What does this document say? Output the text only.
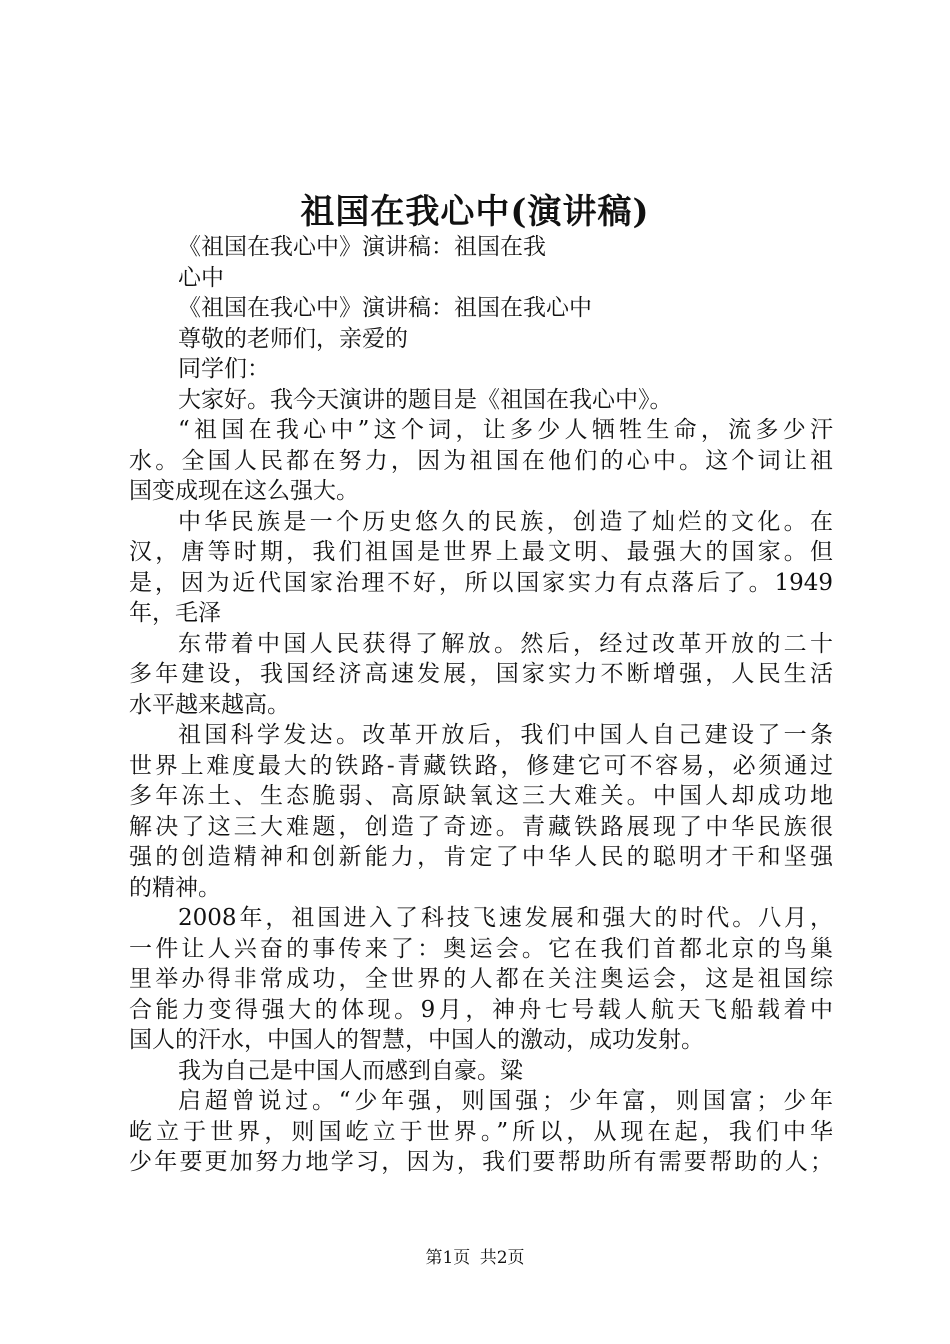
祖国在我心中(演讲稿)
《祖国在我心中》演讲稿：祖国在我
心中
《祖国在我心中》演讲稿：祖国在我心中
尊敬的老师们，亲爱的
同学们：
大家好。我今天演讲的题目是《祖国在我心中》。
“祖国在我心中”这个词，让多少人牺牲生命，流多少汗
水。全国人民都在努力，因为祖国在他们的心中。这个词让祖
国变成现在这么强大。
中华民族是一个历史悠久的民族，创造了灿烂的文化。在
汉，唐等时期，我们祖国是世界上最文明、最强大的国家。但
是，因为近代国家治理不好，所以国家实力有点落后了。1949
年，毛泽
东带着中国人民获得了解放。然后，经过改革开放的二十
多年建设，我国经济高速发展，国家实力不断增强，人民生活
水平越来越高。
祖国科学发达。改革开放后，我们中国人自己建设了一条
世界上难度最大的铁路-青藏铁路，修建它可不容易，必须通过
多年冻土、生态脆弱、高原缺氧这三大难关。中国人却成功地
解决了这三大难题，创造了奇迹。青藏铁路展现了中华民族很
强的创造精神和创新能力，肯定了中华人民的聪明才干和坚强
的精神。
2008年，祖国进入了科技飞速发展和强大的时代。八月，
一件让人兴奋的事传来了：奥运会。它在我们首都北京的鸟巢
里举办得非常成功，全世界的人都在关注奥运会，这是祖国综
合能力变得强大的体现。9月，神舟七号载人航天飞船载着中
国人的汗水，中国人的智慧，中国人的激动，成功发射。
我为自己是中国人而感到自豪。粱
启超曾说过。“少年强，则国强；少年富，则国富；少年
屹立于世界，则国屹立于世界。”所以，从现在起，我们中华
少年要更加努力地学习，因为，我们要帮助所有需要帮助的人；
第1页 共2页
